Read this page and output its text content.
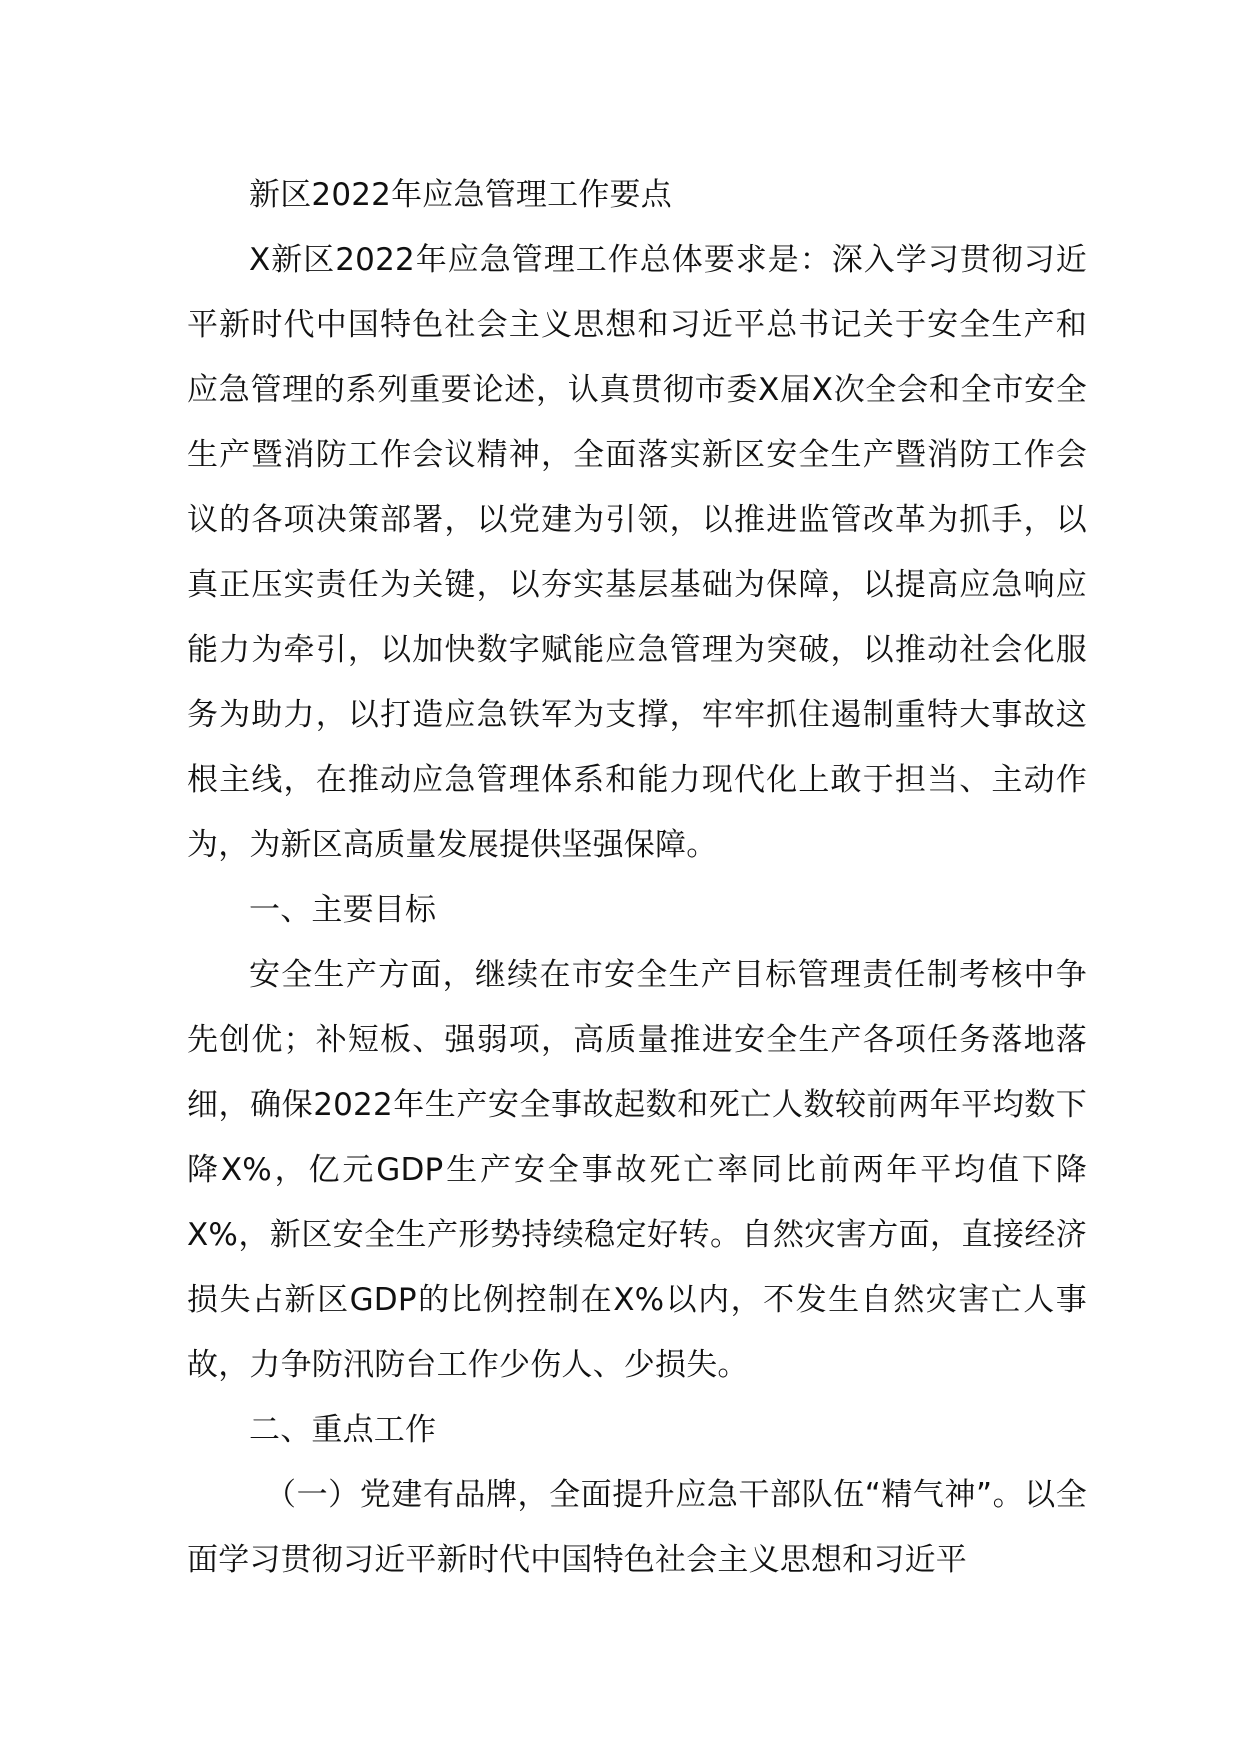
新区2022年应急管理工作要点

X新区2022年应急管理工作总体要求是：深入学习贯彻习近平新时代中国特色社会主义思想和习近平总书记关于安全生产和应急管理的系列重要论述，认真贯彻市委X届X次全会和全市安全生产暨消防工作会议精神，全面落实新区安全生产暨消防工作会议的各项决策部署，以党建为引领，以推进监管改革为抓手，以真正压实责任为关键，以夯实基层基础为保障，以提高应急响应能力为牵引，以加快数字赋能应急管理为突破，以推动社会化服务为助力，以打造应急铁军为支撑，牢牢抓住遏制重特大事故这根主线，在推动应急管理体系和能力现代化上敢于担当、主动作为，为新区高质量发展提供坚强保障。

一、主要目标

安全生产方面，继续在市安全生产目标管理责任制考核中争先创优；补短板、强弱项，高质量推进安全生产各项任务落地落细，确保2022年生产安全事故起数和死亡人数较前两年平均数下降X%，亿元GDP生产安全事故死亡率同比前两年平均值下降X%，新区安全生产形势持续稳定好转。自然灾害方面，直接经济损失占新区GDP的比例控制在X%以内，不发生自然灾害亡人事故，力争防汛防台工作少伤人、少损失。

二、重点工作

（一）党建有品牌，全面提升应急干部队伍“精气神”。以全面学习贯彻习近平新时代中国特色社会主义思想和习近平
